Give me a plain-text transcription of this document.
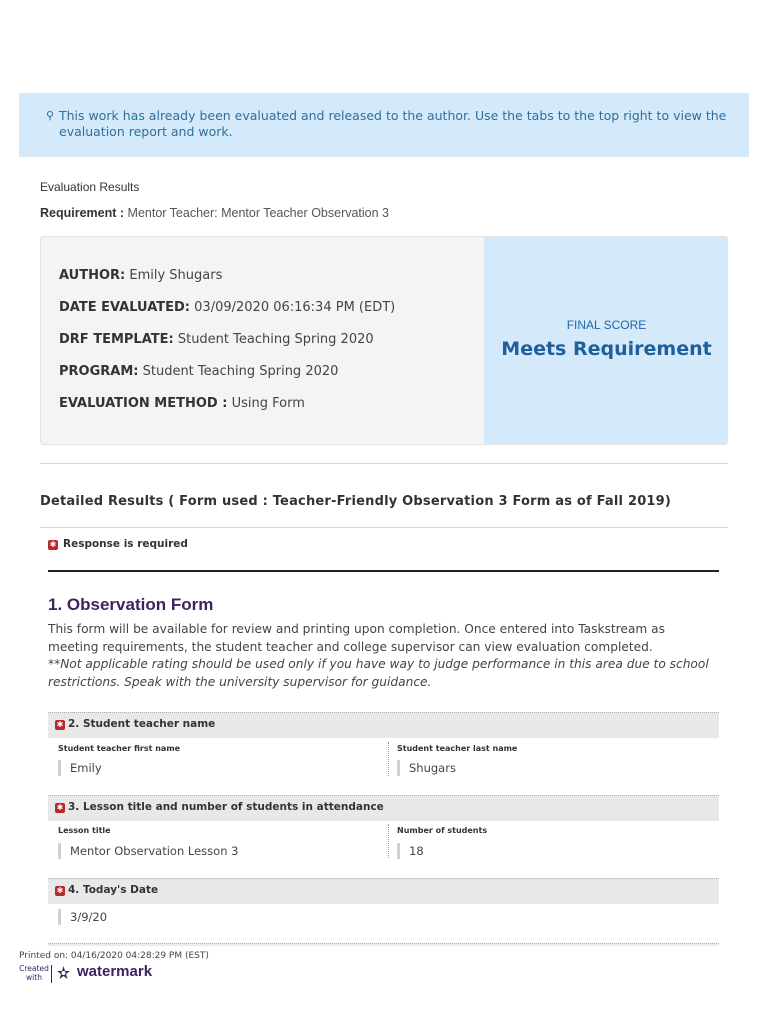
⚲ This work has already been evaluated and released to the author. Use the tabs to the top right to view the evaluation report and work.
Evaluation Results
Requirement : Mentor Teacher: Mentor Teacher Observation 3
AUTHOR: Emily Shugars
DATE EVALUATED: 03/09/2020 06:16:34 PM (EDT)
DRF TEMPLATE: Student Teaching Spring 2020
PROGRAM: Student Teaching Spring 2020
EVALUATION METHOD : Using Form
FINAL SCORE
Meets Requirement
Detailed Results ( Form used : Teacher-Friendly Observation 3 Form as of Fall 2019)
✱ Response is required
1. Observation Form
This form will be available for review and printing upon completion. Once entered into Taskstream as meeting requirements, the student teacher and college supervisor can view evaluation completed.
**Not applicable rating should be used only if you have way to judge performance in this area due to school restrictions. Speak with the university supervisor for guidance.
✱ 2. Student teacher name
Student teacher first name
Emily
Student teacher last name
Shugars
✱ 3. Lesson title and number of students in attendance
Lesson title
Mentor Observation Lesson 3
Number of students
18
✱ 4. Today's Date
3/9/20
Printed on: 04/16/2020 04:28:29 PM (EST)
Created
with	watermark
